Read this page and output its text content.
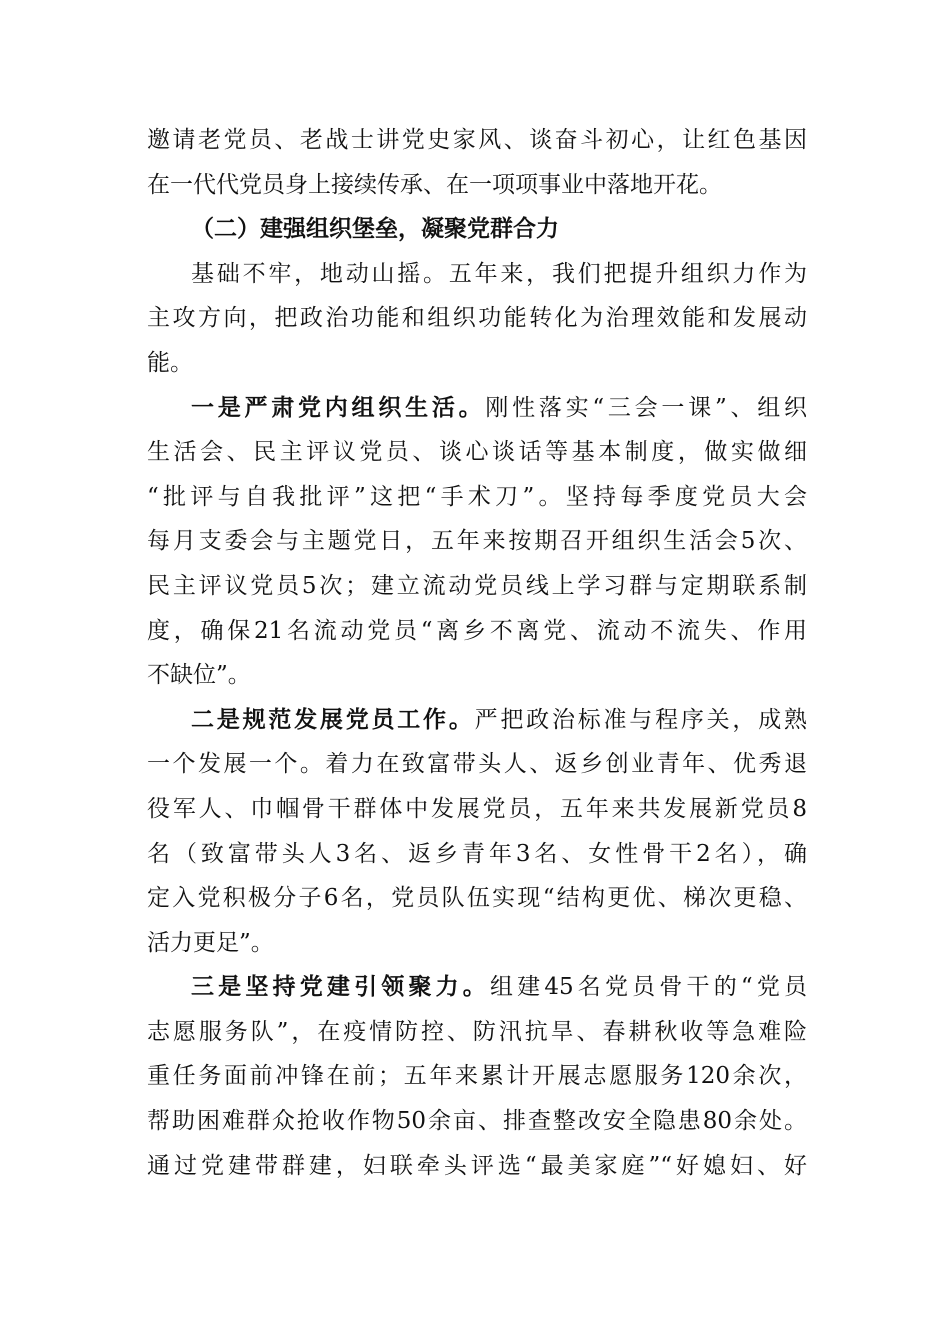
邀请老党员、老战士讲党史家风、谈奋斗初心，让红色基因
在一代代党员身上接续传承、在一项项事业中落地开花。
（二）建强组织堡垒，凝聚党群合力
基础不牢，地动山摇。五年来，我们把提升组织力作为
主攻方向，把政治功能和组织功能转化为治理效能和发展动
能。
一是严肃党内组织生活。刚性落实“三会一课”、组织
生活会、民主评议党员、谈心谈话等基本制度，做实做细
“批评与自我批评”这把“手术刀”。坚持每季度党员大会
每月支委会与主题党日，五年来按期召开组织生活会5次、
民主评议党员5次；建立流动党员线上学习群与定期联系制
度，确保21名流动党员“离乡不离党、流动不流失、作用
不缺位”。
二是规范发展党员工作。严把政治标准与程序关，成熟
一个发展一个。着力在致富带头人、返乡创业青年、优秀退
役军人、巾帼骨干群体中发展党员，五年来共发展新党员8
名（致富带头人3名、返乡青年3名、女性骨干2名），确
定入党积极分子6名，党员队伍实现“结构更优、梯次更稳、
活力更足”。
三是坚持党建引领聚力。组建45名党员骨干的“党员
志愿服务队”，在疫情防控、防汛抗旱、春耕秋收等急难险
重任务面前冲锋在前；五年来累计开展志愿服务120余次，
帮助困难群众抢收作物50余亩、排查整改安全隐患80余处。
通过党建带群建，妇联牵头评选“最美家庭”“好媳妇、好
